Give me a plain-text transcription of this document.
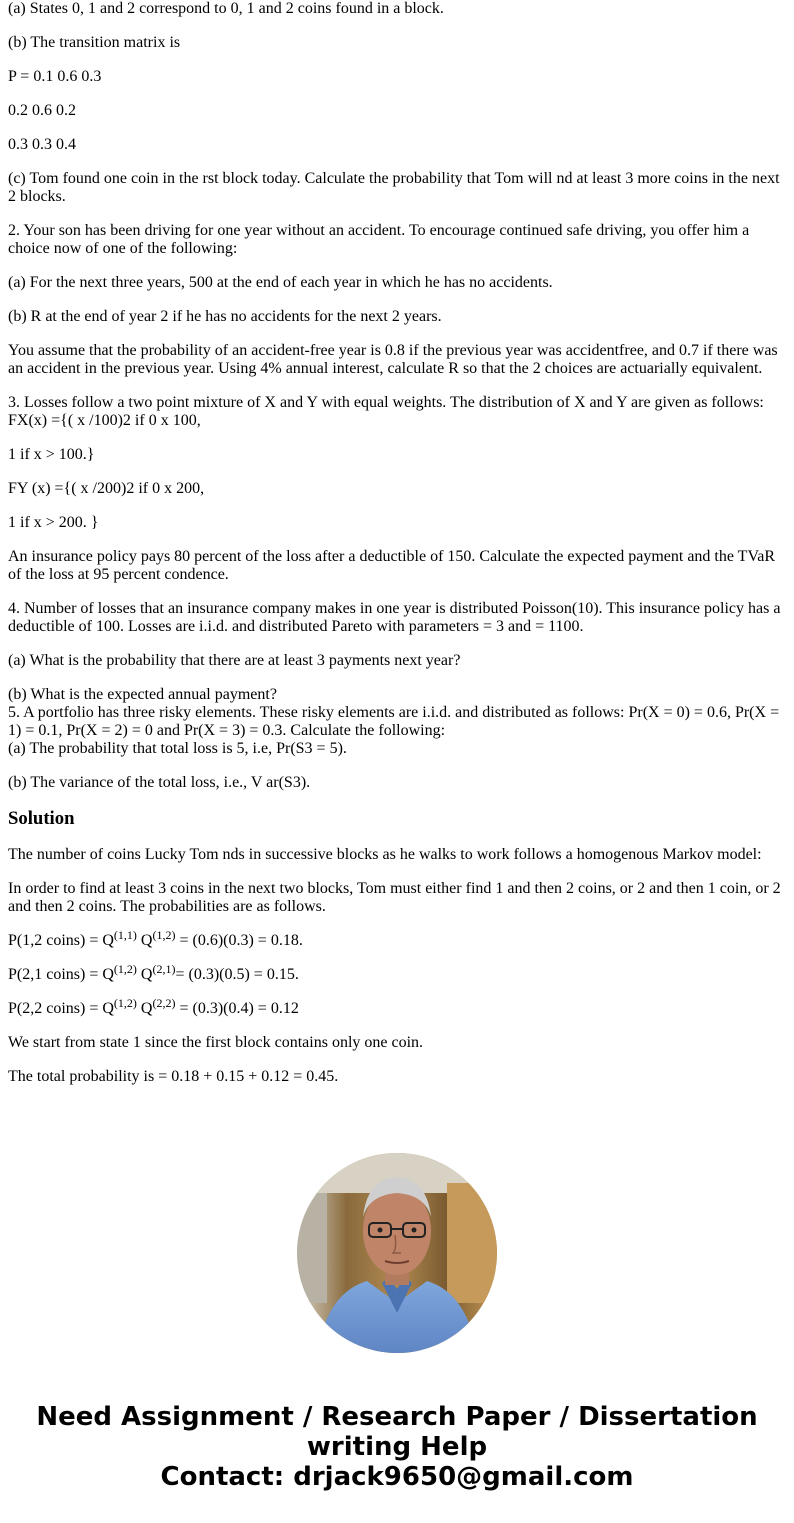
(a) States 0, 1 and 2 correspond to 0, 1 and 2 coins found in a block.

(b) The transition matrix is

P = 0.1 0.6 0.3

0.2 0.6 0.2

0.3 0.3 0.4

(c) Tom found one coin in the rst block today. Calculate the probability that Tom will nd at least 3 more coins in the next 2 blocks.

2. Your son has been driving for one year without an accident. To encourage continued safe driving, you offer him a choice now of one of the following:

(a) For the next three years, 500 at the end of each year in which he has no accidents.

(b) R at the end of year 2 if he has no accidents for the next 2 years.

You assume that the probability of an accident-free year is 0.8 if the previous year was accidentfree, and 0.7 if there was an accident in the previous year. Using 4% annual interest, calculate R so that the 2 choices are actuarially equivalent.

3. Losses follow a two point mixture of X and Y with equal weights. The distribution of X and Y are given as follows: FX(x) ={( x /100)2 if 0 x 100,

1 if x > 100.}

FY (x) ={( x /200)2 if 0 x 200,

1 if x > 200. }

An insurance policy pays 80 percent of the loss after a deductible of 150. Calculate the expected payment and the TVaR of the loss at 95 percent condence.

4. Number of losses that an insurance company makes in one year is distributed Poisson(10). This insurance policy has a deductible of 100. Losses are i.i.d. and distributed Pareto with parameters = 3 and = 1100.

(a) What is the probability that there are at least 3 payments next year?

(b) What is the expected annual payment?

5. A portfolio has three risky elements. These risky elements are i.i.d. and distributed as follows: Pr(X = 0) = 0.6, Pr(X = 1) = 0.1, Pr(X = 2) = 0 and Pr(X = 3) = 0.3. Calculate the following:

(a) The probability that total loss is 5, i.e, Pr(S3 = 5).

(b) The variance of the total loss, i.e., V ar(S3).

Solution

The number of coins Lucky Tom nds in successive blocks as he walks to work follows a homogenous Markov model:

In order to find at least 3 coins in the next two blocks, Tom must either find 1 and then 2 coins, or 2 and then 1 coin, or 2 and then 2 coins. The probabilities are as follows.

P(1,2 coins) = Q$^{(1,1)}$ Q$^{(1,2)}$ = (0.6)(0.3) = 0.18.

P(2,1 coins) = Q$^{(1,2)}$ Q$^{(2,1)}$= (0.3)(0.5) = 0.15.

P(2,2 coins) = Q$^{(1,2)}$ Q$^{(2,2)}$ = (0.3)(0.4) = 0.12

We start from state 1 since the first block contains only one coin.

The total probability is = 0.18 + 0.15 + 0.12 = 0.45.

Need Assignment / Research Paper / Dissertation
writing Help
Contact: drjack9650@gmail.com
